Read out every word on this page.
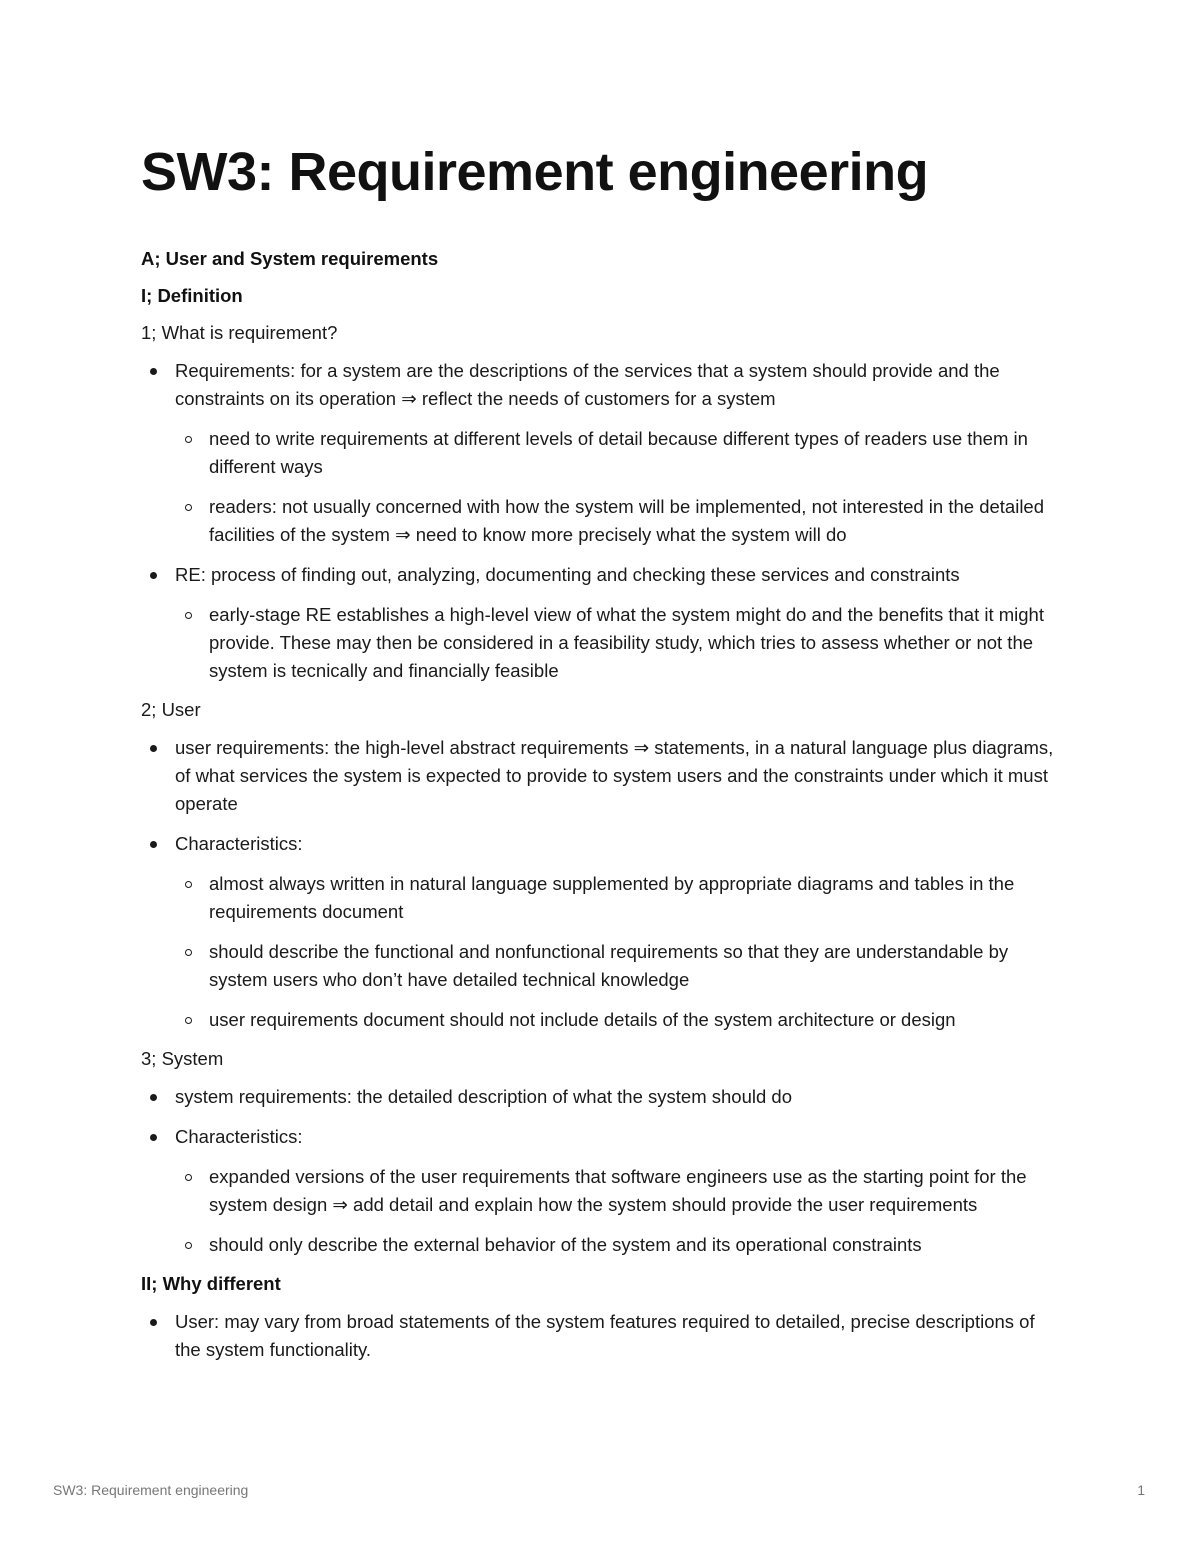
SW3: Requirement engineering
A; User and System requirements
I; Definition
1; What is requirement?
Requirements: for a system are the descriptions of the services that a system should provide and the constraints on its operation ⇒ reflect the needs of customers for a system
need to write requirements at different levels of detail because different types of readers use them in different ways
readers: not usually concerned with how the system will be implemented, not interested in the detailed facilities of the system ⇒ need to know more precisely what the system will do
RE: process of finding out, analyzing, documenting and checking these services and constraints
early-stage RE establishes a high-level view of what the system might do and the benefits that it might provide. These may then be considered in a feasibility study, which tries to assess whether or not the system is tecnically and financially feasible
2; User
user requirements: the high-level abstract requirements ⇒ statements, in a natural language plus diagrams, of what services the system is expected to provide to system users and the constraints under which it must operate
Characteristics:
almost always written in natural language supplemented by appropriate diagrams and tables in the requirements document
should describe the functional and nonfunctional requirements so that they are understandable by system users who don’t have detailed technical knowledge
user requirements document should not include details of the system architecture or design
3; System
system requirements: the detailed description of what the system should do
Characteristics:
expanded versions of the user requirements that software engineers use as the starting point for the system design ⇒ add detail and explain how the system should provide the user requirements
should only describe the external behavior of the system and its operational constraints
II; Why different
User: may vary from broad statements of the system features required to detailed, precise descriptions of the system functionality.
SW3: Requirement engineering	1
